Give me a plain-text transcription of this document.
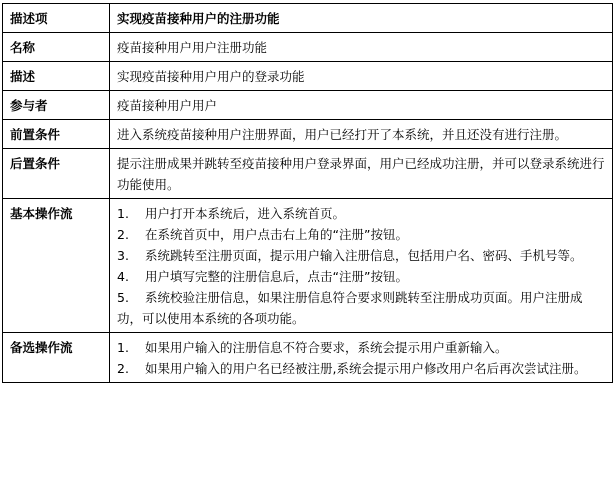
描述项	实现疫苗接种用户的注册功能
名称	疫苗接种用户用户注册功能
描述	实现疫苗接种用户用户的登录功能
参与者	疫苗接种用户用户
前置条件	进入系统疫苗接种用户注册界面，用户已经打开了本系统，并且还没有进行注册。
后置条件	提示注册成果并跳转至疫苗接种用户登录界面，用户已经成功注册，并可以登录系统进行功能使用。
基本操作流	1. 用户打开本系统后，进入系统首页。
2. 在系统首页中，用户点击右上角的“注册”按钮。
3. 系统跳转至注册页面，提示用户输入注册信息，包括用户名、密码、手机号等。
4. 用户填写完整的注册信息后，点击“注册”按钮。
5. 系统校验注册信息，如果注册信息符合要求则跳转至注册成功页面。用户注册成功，可以使用本系统的各项功能。

备选操作流	1. 如果用户输入的注册信息不符合要求，系统会提示用户重新输入。
2. 如果用户输入的用户名已经被注册,系统会提示用户修改用户名后再次尝试注册。
